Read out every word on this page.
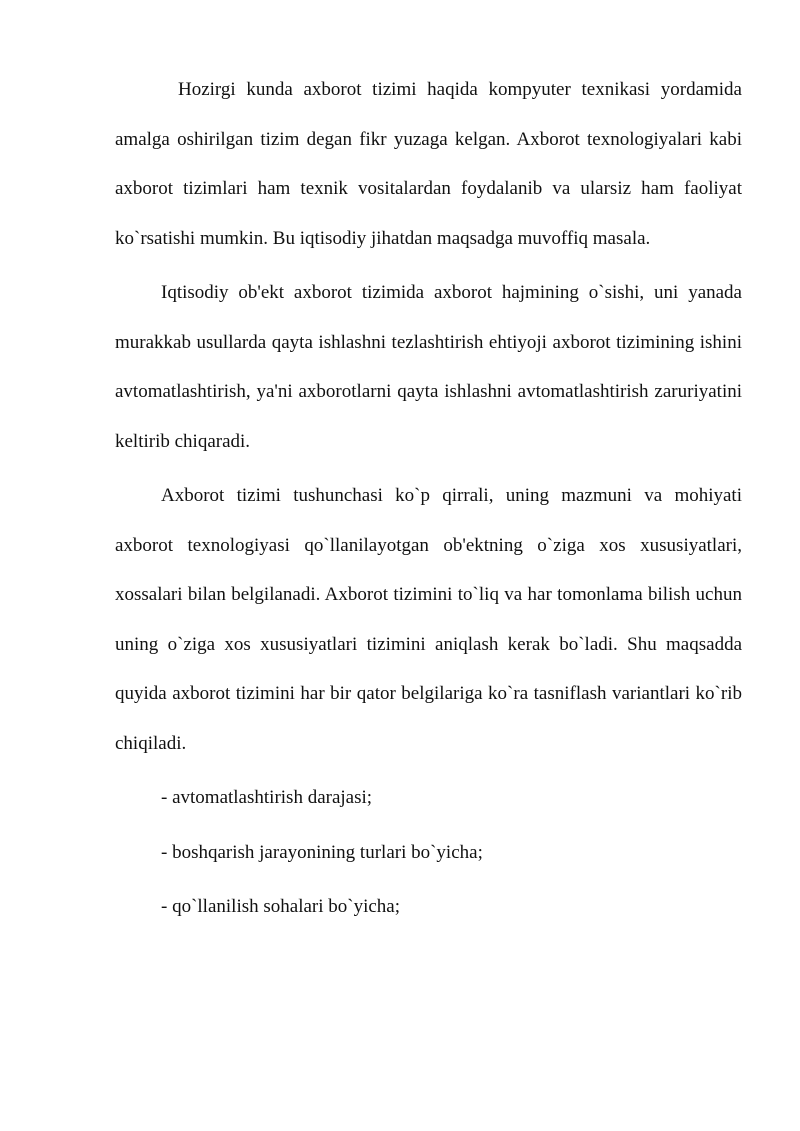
Hozirgi kunda axborot tizimi haqida kompyuter texnikasi yordamida amalga oshirilgan tizim degan fikr yuzaga kelgan. Axborot texnologiyalari kabi axborot tizimlari ham texnik vositalardan foydalanib va ularsiz ham faoliyat ko`rsatishi mumkin. Bu iqtisodiy jihatdan maqsadga muvoffiq masala.

Iqtisodiy ob'ekt axborot tizimida axborot hajmining o`sishi, uni yanada murakkab usullarda qayta ishlashni tezlashtirish ehtiyoji axborot tizimining ishini avtomatlashtirish, ya'ni axborotlarni qayta ishlashni avtomatlashtirish zaruriyatini keltirib chiqaradi.

Axborot tizimi tushunchasi ko`p qirrali, uning mazmuni va mohiyati axborot texnologiyasi qo`llanilayotgan ob'ektning o`ziga xos xususiyatlari, xossalari bilan belgilanadi. Axborot tizimini to`liq va har tomonlama bilish uchun uning o`ziga xos xususiyatlari tizimini aniqlash kerak bo`ladi. Shu maqsadda quyida axborot tizimini har bir qator belgilariga ko`ra tasniflash variantlari ko`rib chiqiladi.

- avtomatlashtirish darajasi;

- boshqarish jarayonining turlari bo`yicha;

- qo`llanilish sohalari bo`yicha;
